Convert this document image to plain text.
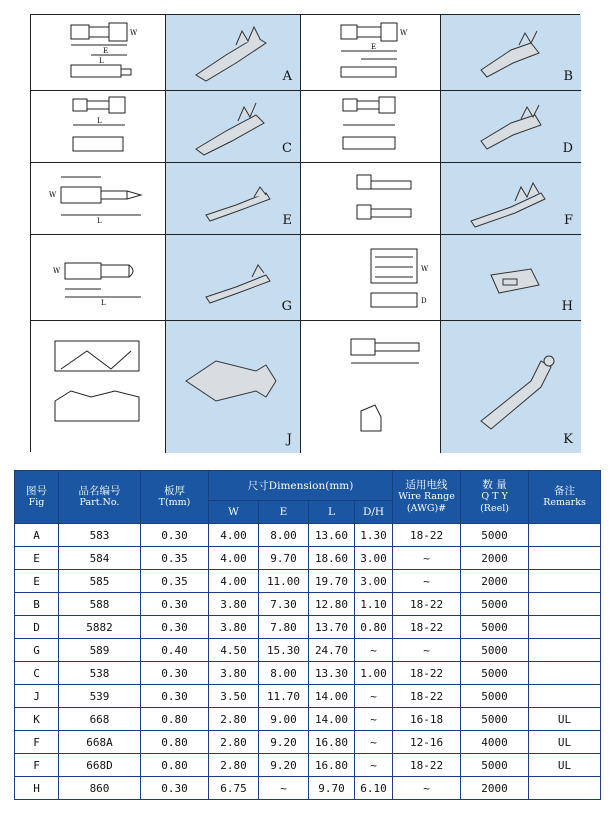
E
L
W
A
E
W
B
L
C	D
W
L	E	F
W
L	G
W
D	H
J	K
图号
Fig	品名编号
Part.No.	板厚
T(mm)	尺寸Dimension(mm)				适用电线
Wire Range
(AWG)#	数 量
Q T Y
(Reel)	备注
Remarks

			W	E	L	D/H			
A	583	0.30	4.00	8.00	13.60	1.30	18-22	5000	
E	584	0.35	4.00	9.70	18.60	3.00	~	2000	
E	585	0.35	4.00	11.00	19.70	3.00	~	2000	
B	588	0.30	3.80	7.30	12.80	1.10	18-22	5000	
D	5882	0.30	3.80	7.80	13.70	0.80	18-22	5000	
G	589	0.40	4.50	15.30	24.70	~	~	5000	
C	538	0.30	3.80	8.00	13.30	1.00	18-22	5000	
J	539	0.30	3.50	11.70	14.00	~	18-22	5000	
K	668	0.80	2.80	9.00	14.00	~	16-18	5000	UL
F	668A	0.80	2.80	9.20	16.80	~	12-16	4000	UL
F	668D	0.80	2.80	9.20	16.80	~	18-22	5000	UL
H	860	0.30	6.75	~	9.70	6.10	~	2000	
